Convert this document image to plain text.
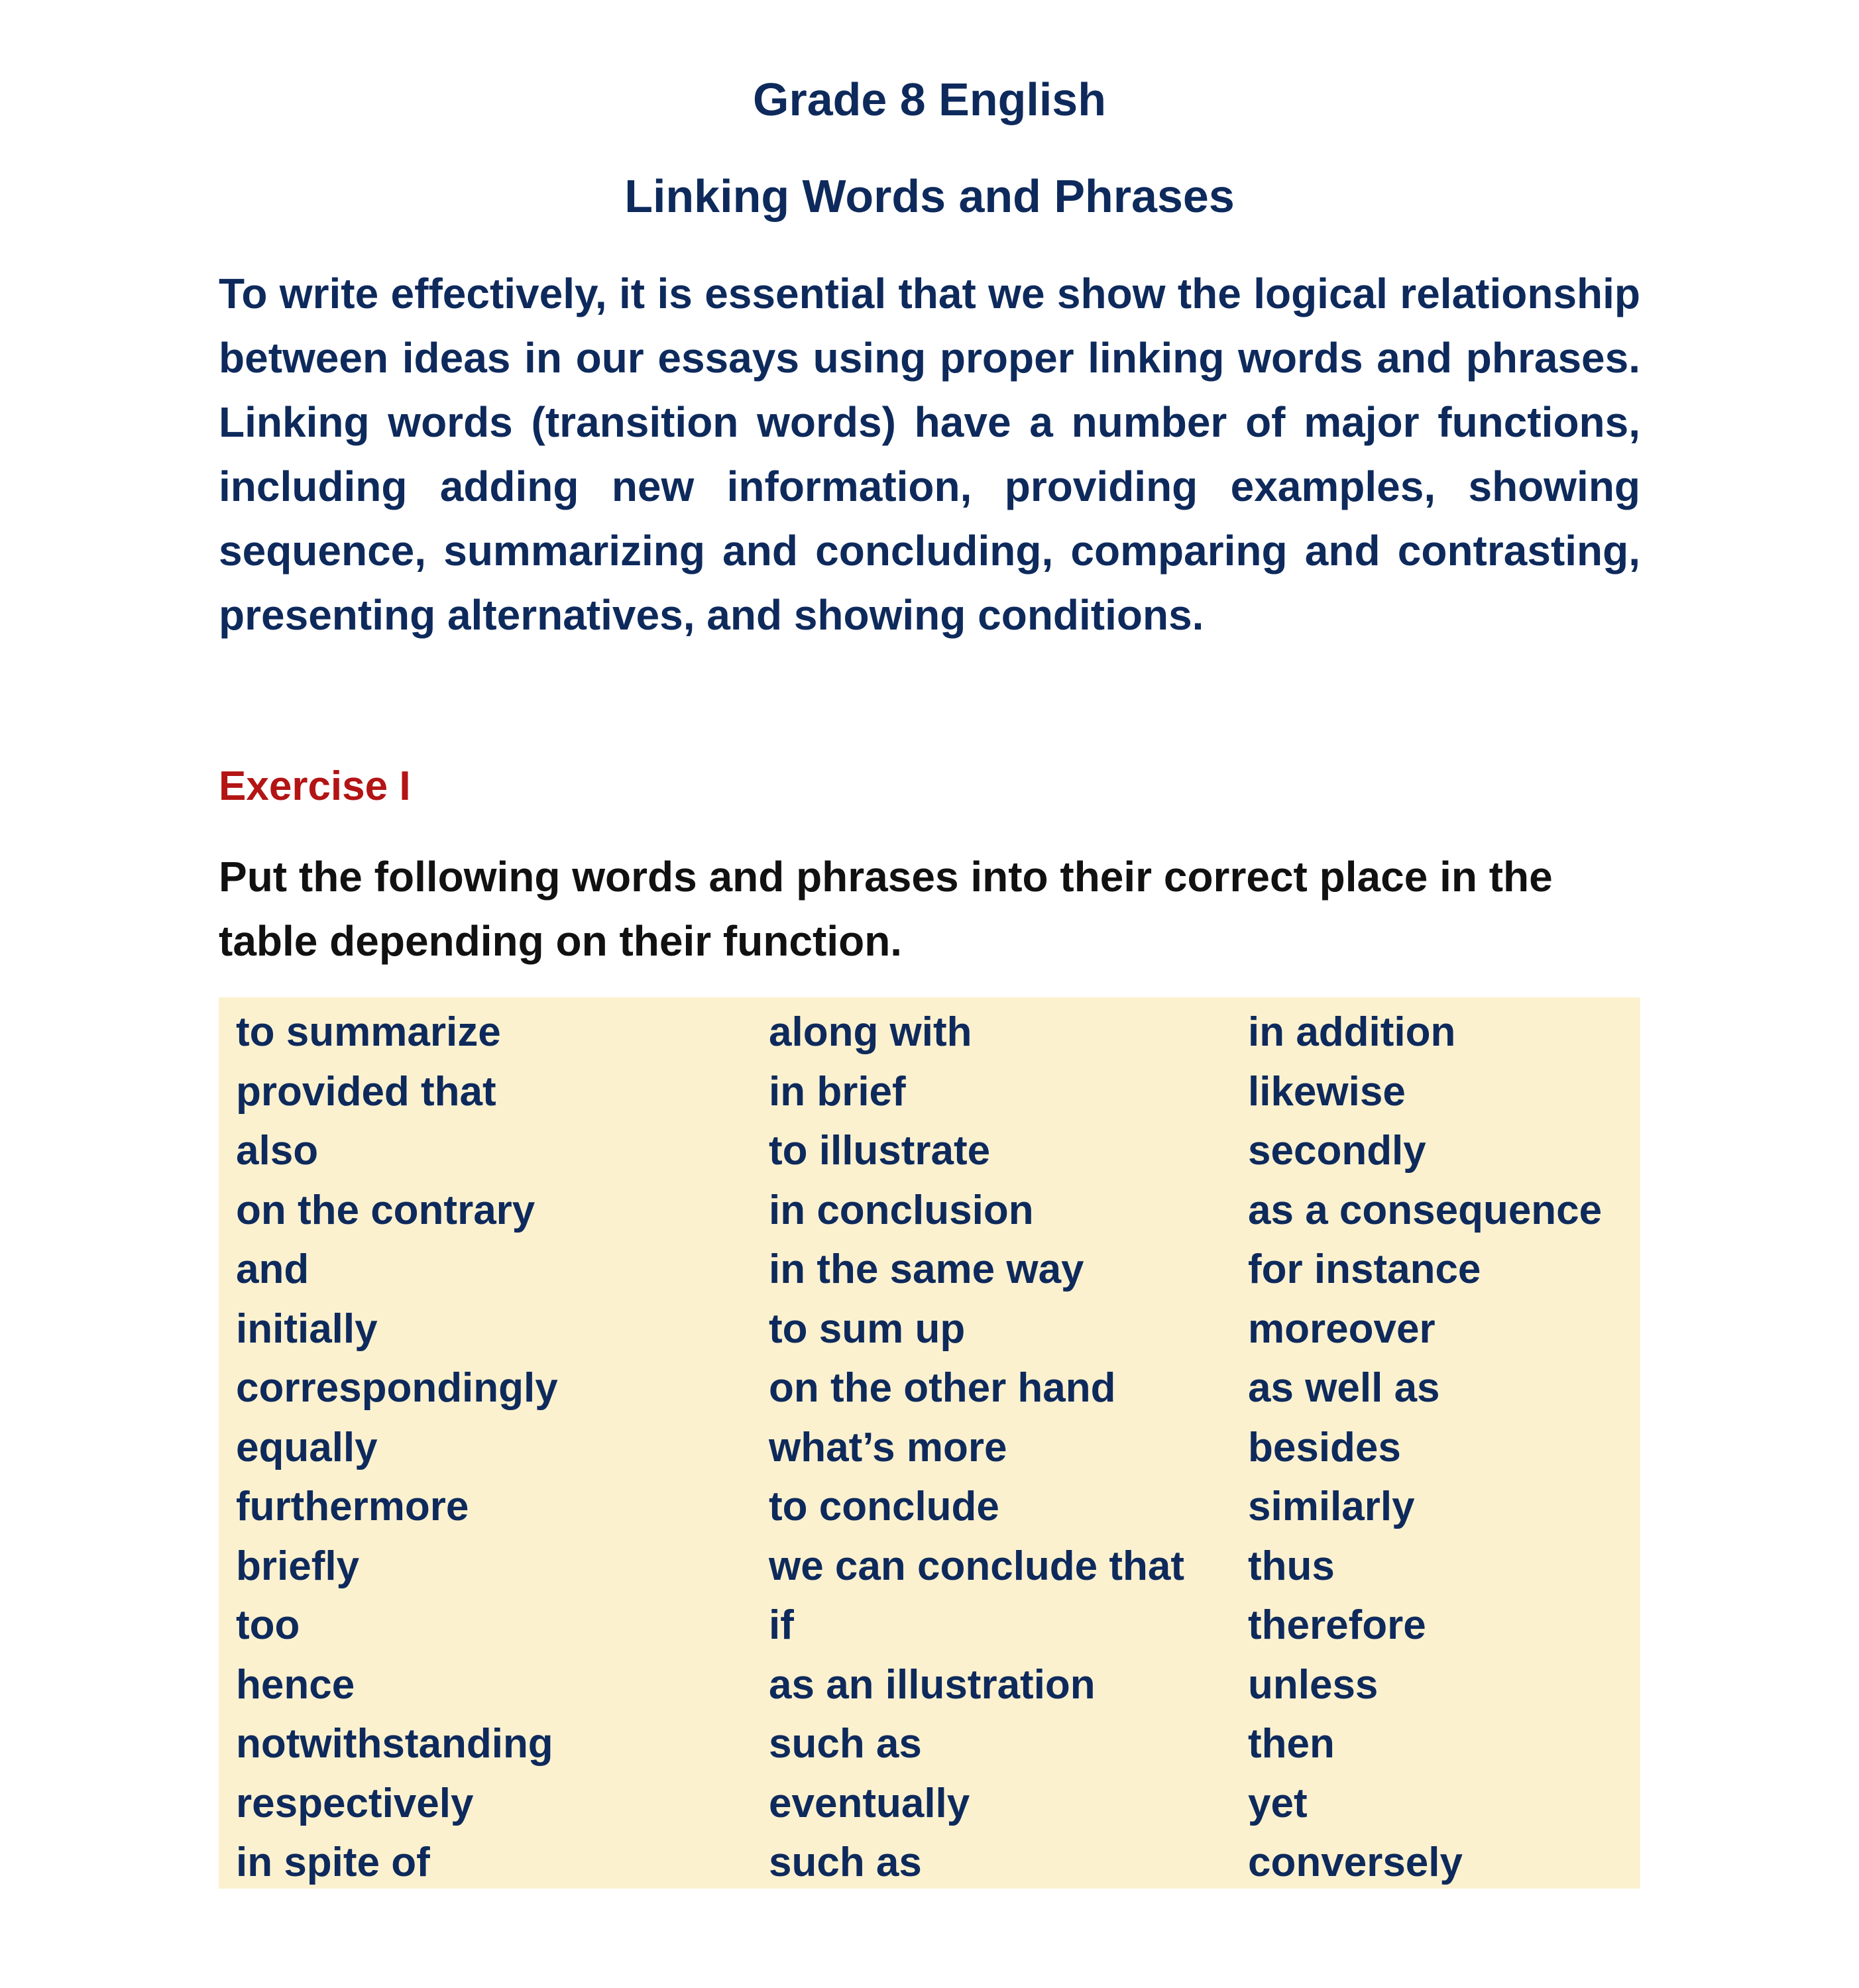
Grade 8 English
Linking Words and Phrases

To write effectively, it is essential that we show the logical relationship between ideas in our essays using proper linking words and phrases. Linking words (transition words) have a number of major functions, including adding new information, providing examples, showing sequence, summarizing and concluding, comparing and contrasting, presenting alternatives, and showing conditions.

Exercise I

Put the following words and phrases into their correct place in the table depending on their function.

to summarize
provided that
also
on the contrary
and
initially
correspondingly
equally
furthermore
briefly
too
hence
notwithstanding
respectively
in spite of
along with
in brief
to illustrate
in conclusion
in the same way
to sum up
on the other hand
what’s more
to conclude
we can conclude that
if
as an illustration
such as
eventually
such as
in addition
likewise
secondly
as a consequence
for instance
moreover
as well as
besides
similarly
thus
therefore
unless
then
yet
conversely
